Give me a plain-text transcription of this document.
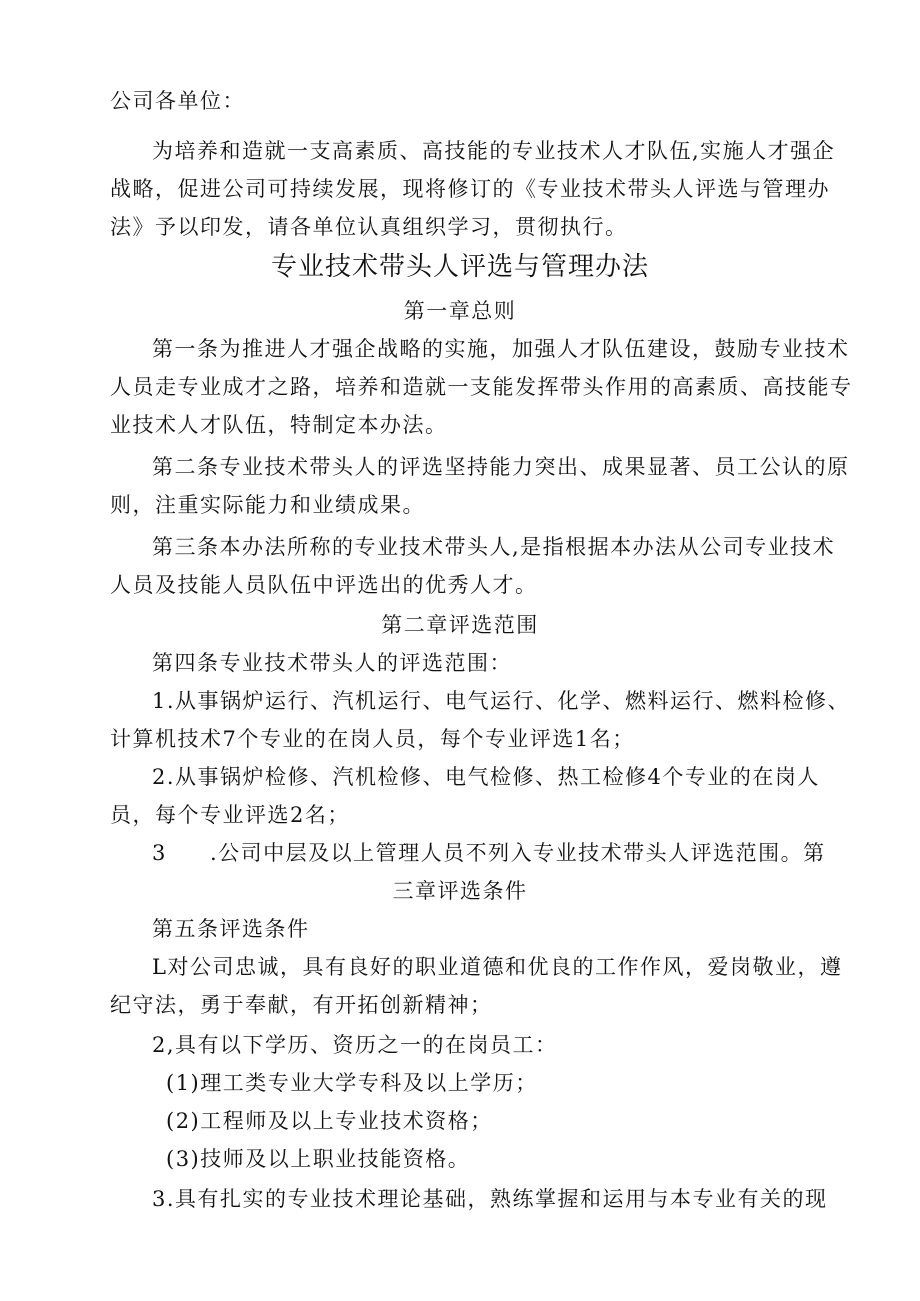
公司各单位：
为培养和造就一支高素质、高技能的专业技术人才队伍,实施人才强企
战略，促进公司可持续发展，现将修订的《专业技术带头人评选与管理办
法》予以印发，请各单位认真组织学习，贯彻执行。
专业技术带头人评选与管理办法
第一章总则
第一条为推进人才强企战略的实施，加强人才队伍建设，鼓励专业技术
人员走专业成才之路，培养和造就一支能发挥带头作用的高素质、高技能专
业技术人才队伍，特制定本办法。
第二条专业技术带头人的评选坚持能力突出、成果显著、员工公认的原
则，注重实际能力和业绩成果。
第三条本办法所称的专业技术带头人,是指根据本办法从公司专业技术
人员及技能人员队伍中评选出的优秀人才。
第二章评选范围
第四条专业技术带头人的评选范围：
1.从事锅炉运行、汽机运行、电气运行、化学、燃料运行、燃料检修、
计算机技术7个专业的在岗人员，每个专业评选1名；
2.从事锅炉检修、汽机检修、电气检修、热工检修4个专业的在岗人
员，每个专业评选2名；
3 .公司中层及以上管理人员不列入专业技术带头人评选范围。第
三章评选条件
第五条评选条件
L对公司忠诚，具有良好的职业道德和优良的工作作风，爱岗敬业，遵
纪守法，勇于奉献，有开拓创新精神；
2,具有以下学历、资历之一的在岗员工：
(1)理工类专业大学专科及以上学历；
(2)工程师及以上专业技术资格；
(3)技师及以上职业技能资格。
3.具有扎实的专业技术理论基础，熟练掌握和运用与本专业有关的现
